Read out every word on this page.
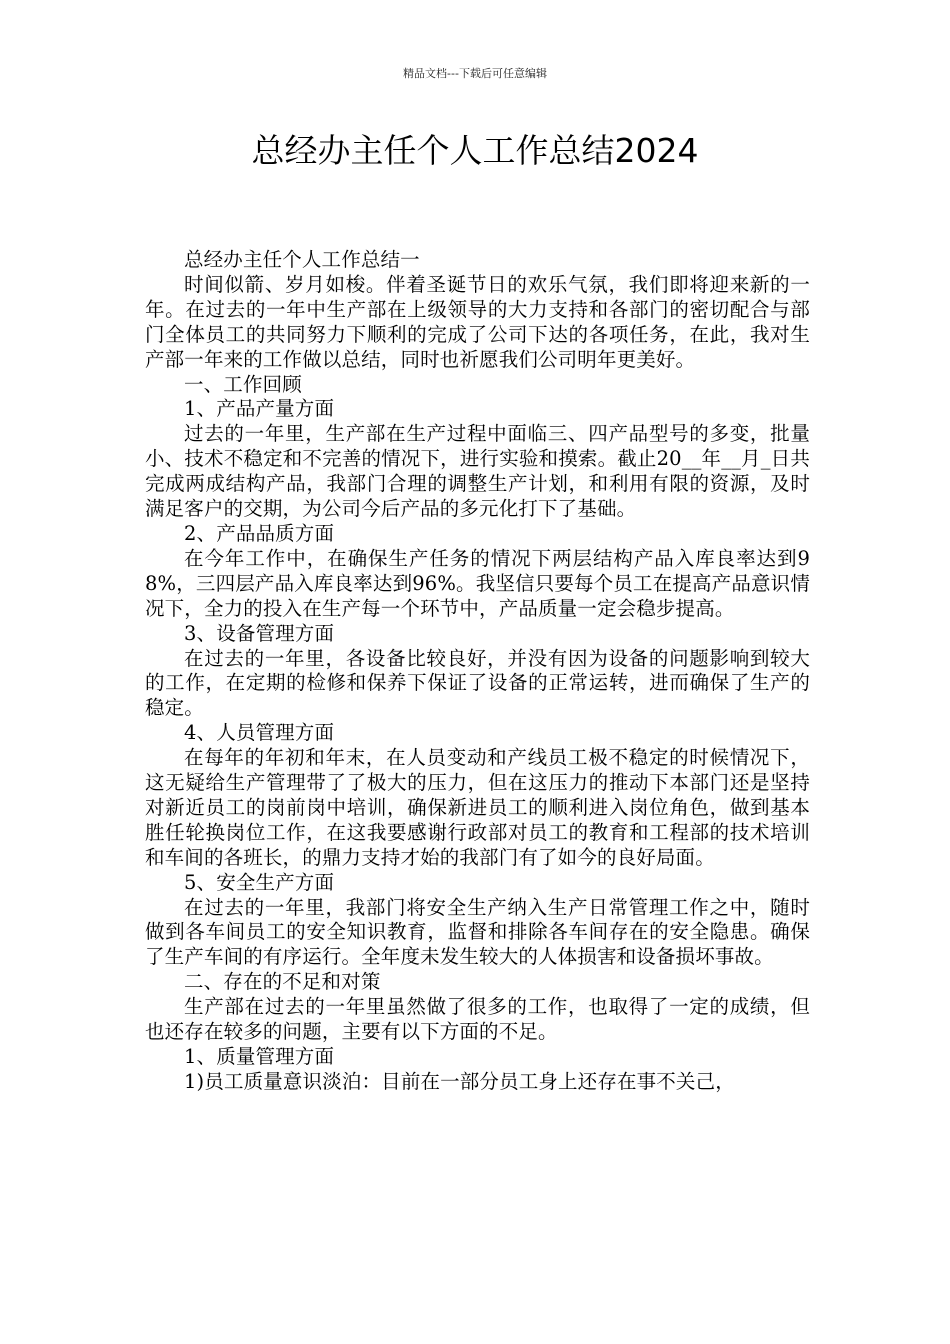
精品文档---下载后可任意编辑
总经办主任个人工作总结2024

总经办主任个人工作总结一

时间似箭、岁月如梭。伴着圣诞节日的欢乐气氛，我们即将迎来新的一年。在过去的一年中生产部在上级领导的大力支持和各部门的密切配合与部门全体员工的共同努力下顺利的完成了公司下达的各项任务，在此，我对生产部一年来的工作做以总结，同时也祈愿我们公司明年更美好。

一、工作回顾

1、产品产量方面

过去的一年里，生产部在生产过程中面临三、四产品型号的多变，批量小、技术不稳定和不完善的情况下，进行实验和摸索。截止20__年__月_日共完成两成结构产品，我部门合理的调整生产计划，和利用有限的资源，及时满足客户的交期，为公司今后产品的多元化打下了基础。

2、产品品质方面

在今年工作中，在确保生产任务的情况下两层结构产品入库良率达到98%，三四层产品入库良率达到96%。我坚信只要每个员工在提高产品意识情况下，全力的投入在生产每一个环节中，产品质量一定会稳步提高。

3、设备管理方面

在过去的一年里，各设备比较良好，并没有因为设备的问题影响到较大的工作，在定期的检修和保养下保证了设备的正常运转，进而确保了生产的稳定。

4、人员管理方面

在每年的年初和年末，在人员变动和产线员工极不稳定的时候情况下，这无疑给生产管理带了了极大的压力，但在这压力的推动下本部门还是坚持对新近员工的岗前岗中培训，确保新进员工的顺利进入岗位角色，做到基本胜任轮换岗位工作，在这我要感谢行政部对员工的教育和工程部的技术培训和车间的各班长，的鼎力支持才始的我部门有了如今的良好局面。

5、安全生产方面

在过去的一年里，我部门将安全生产纳入生产日常管理工作之中，随时做到各车间员工的安全知识教育，监督和排除各车间存在的安全隐患。确保了生产车间的有序运行。全年度未发生较大的人体损害和设备损坏事故。

二、存在的不足和对策

生产部在过去的一年里虽然做了很多的工作，也取得了一定的成绩，但也还存在较多的问题，主要有以下方面的不足。

1、质量管理方面

1)员工质量意识淡泊：目前在一部分员工身上还存在事不关己，
